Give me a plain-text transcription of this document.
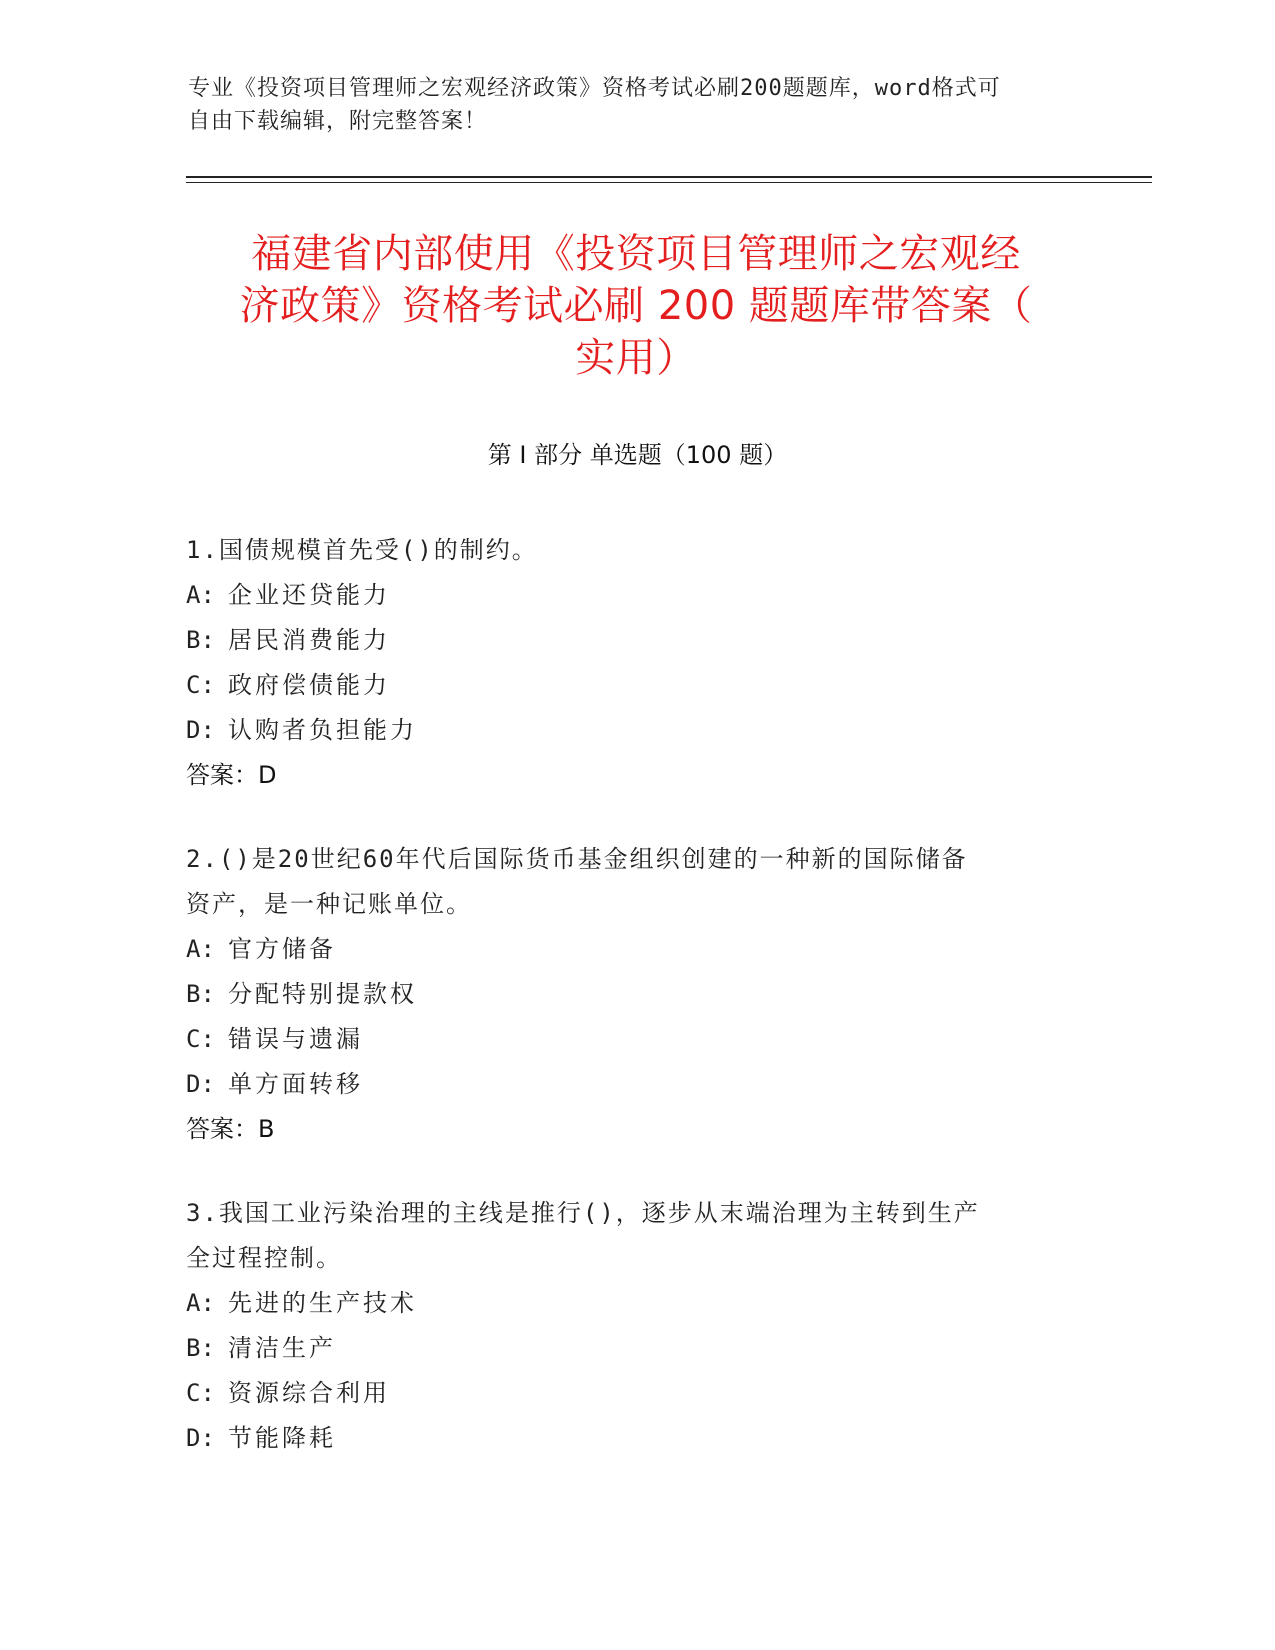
专业《投资项目管理师之宏观经济政策》资格考试必刷200题题库，word格式可
自由下载编辑，附完整答案！
福建省内部使用《投资项目管理师之宏观经
济政策》资格考试必刷 200 题题库带答案（
实用）
第 I 部分 单选题（100 题）
1.国债规模首先受()的制约。
A: 企业还贷能力
B: 居民消费能力
C: 政府偿债能力
D: 认购者负担能力
答案：D
2.()是20世纪60年代后国际货币基金组织创建的一种新的国际储备
资产，是一种记账单位。
A: 官方储备
B: 分配特别提款权
C: 错误与遗漏
D: 单方面转移
答案：B
3.我国工业污染治理的主线是推行()，逐步从末端治理为主转到生产
全过程控制。
A: 先进的生产技术
B: 清洁生产
C: 资源综合利用
D: 节能降耗
